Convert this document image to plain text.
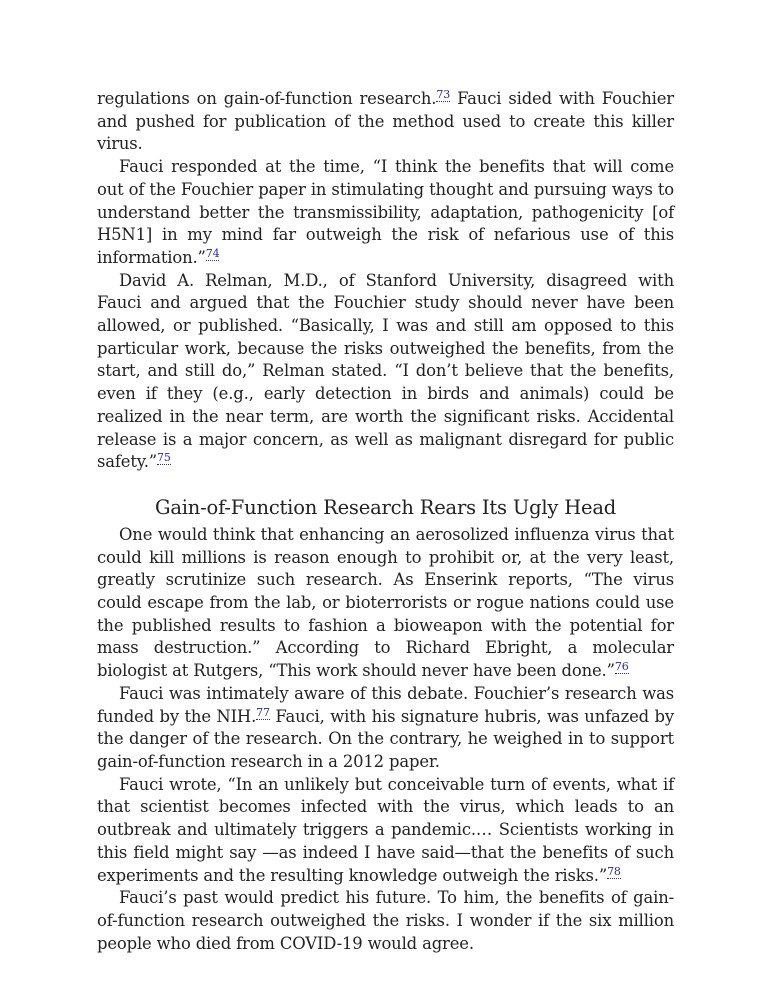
regulations on gain-of-function research.$^{73}$ Fauci sided with Fouchier and pushed for publication of the method used to create this killer virus.

Fauci responded at the time, “I think the benefits that will come out of the Fouchier paper in stimulating thought and pursuing ways to understand better the transmissibility, adaptation, pathogenicity [of H5N1] in my mind far outweigh the risk of nefarious use of this information.”$^{74}$

David A. Relman, M.D., of Stanford University, disagreed with Fauci and argued that the Fouchier study should never have been allowed, or published. “Basically, I was and still am opposed to this particular work, because the risks outweighed the benefits, from the start, and still do,” Relman stated. “I don’t believe that the benefits, even if they (e.g., early detection in birds and animals) could be realized in the near term, are worth the significant risks. Accidental release is a major concern, as well as malignant disregard for public safety.”$^{75}$

Gain-of-Function Research Rears Its Ugly Head

One would think that enhancing an aerosolized influenza virus that could kill millions is reason enough to prohibit or, at the very least, greatly scrutinize such research. As Enserink reports, “The virus could escape from the lab, or bioterrorists or rogue nations could use the published results to fashion a bioweapon with the potential for mass destruction.” According to Richard Ebright, a molecular biologist at Rutgers, “This work should never have been done.”$^{76}$

Fauci was intimately aware of this debate. Fouchier’s research was funded by the NIH.$^{77}$ Fauci, with his signature hubris, was unfazed by the danger of the research. On the contrary, he weighed in to support gain-of-function research in a 2012 paper.

Fauci wrote, “In an unlikely but conceivable turn of events, what if that scientist becomes infected with the virus, which leads to an outbreak and ultimately triggers a pandemic.… Scientists working in this field might say —as indeed I have said—that the benefits of such experiments and the resulting knowledge outweigh the risks.”$^{78}$

Fauci’s past would predict his future. To him, the benefits of gain-of-function research outweighed the risks. I wonder if the six million people who died from COVID-19 would agree.
